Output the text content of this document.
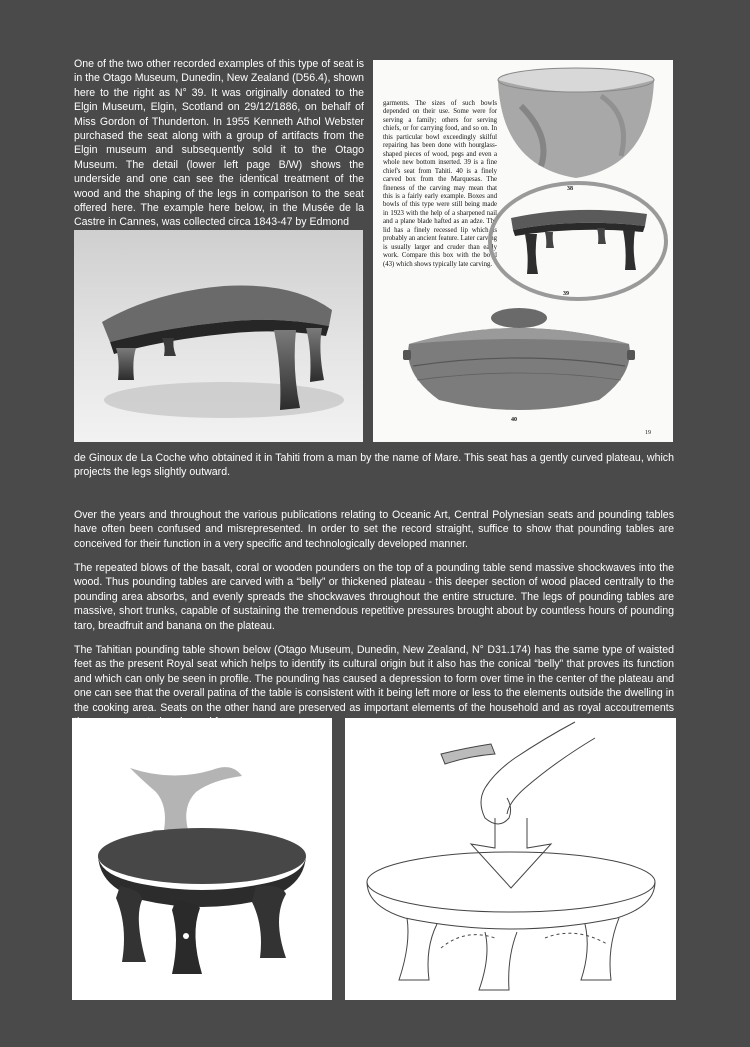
One of the two other recorded examples of this type of seat is in the Otago Museum, Dunedin, New Zealand (D56.4), shown here to the right as N° 39. It was originally donated to the Elgin Museum, Elgin, Scotland on 29/12/1886, on behalf of Miss Gordon of Thunderton. In 1955 Kenneth Athol Webster purchased the seat along with a group of artifacts from the Elgin museum and subsequently sold it to the Otago Museum. The detail (lower left page B/W) shows the underside and one can see the identical treatment of the wood and the shaping of the legs in comparison to the seat offered here. The example here below, in the Musée de la Castre in Cannes, was collected circa 1843-47 by Edmond

38

garments. The sizes of such bowls depended on their use. Some were for serving a family; others for serving chiefs, or for carrying food, and so on. In this particular bowl exceedingly skilful repairing has been done with hourglass-shaped pieces of wood, pegs and even a whole new bottom inserted. 39 is a fine chief's seat from Tahiti. 40 is a finely carved box from the Marquesas. The fineness of the carving may mean that this is a fairly early example. Boxes and bowls of this type were still being made in 1923 with the help of a sharpened nail and a plane blade hafted as an adze. The lid has a finely recessed lip which is probably an ancient feature. Later carving is usually larger and cruder than early work. Compare this box with the bowl (43) which shows typically late carving.

39
40
19

de Ginoux de La Coche who obtained it in Tahiti from a man by the name of Mare. This seat has a gently curved plateau, which projects the legs slightly outward.

Over the years and throughout the various publications relating to Oceanic Art, Central Polynesian seats and pounding tables have often been confused and misrepresented. In order to set the record straight, suffice to show that pounding tables are conceived for their function in a very specific and technologically developed manner.

The repeated blows of the basalt, coral or wooden pounders on the top of a pounding table send massive shockwaves into the wood. Thus pounding tables are carved with a “belly” or thickened plateau - this deeper section of wood placed centrally to the pounding area absorbs, and evenly spreads the shockwaves throughout the entire structure. The legs of pounding tables are massive, short trunks, capable of sustaining the tremendous repetitive pressures brought about by countless hours of pounding taro, breadfruit and banana on the plateau.

The Tahitian pounding table shown below (Otago Museum, Dunedin, New Zealand, N° D31.174) has the same type of waisted feet as the present Royal seat which helps to identify its cultural origin but it also has the conical “belly” that proves its function and which can only be seen in profile. The pounding has caused a depression to form over time in the center of the plateau and one can see that the overall patina of the table is consistent with it being left more or less to the elements outside the dwelling in the cooking area. Seats on the other hand are preserved as important elements of the household and as royal accoutrements
